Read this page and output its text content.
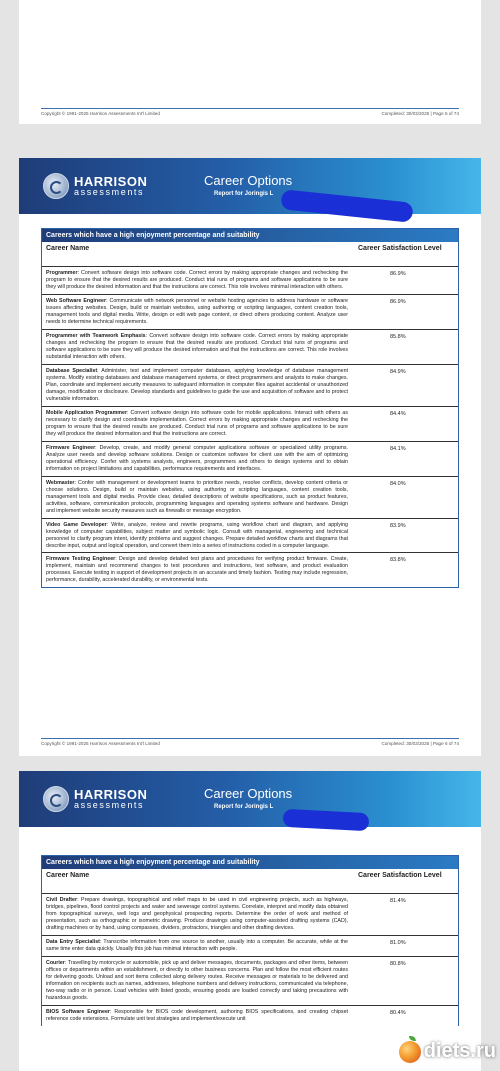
Copyright © 1991-2025 Harrison Assessments Int'l Limited	Completed: 30/03/2025 | Page 5 of 74
HARRISON
assessments
Career Options
Report for Joringis L
Careers which have a high enjoyment percentage and suitability
Career Name	Career Satisfaction Level
Programmer: Convert software design into software code. Correct errors by making appropriate changes and rechecking the program to ensure that the desired results are produced. Conduct trial runs of programs and software applications to be sure they will produce the desired information and that the instructions are correct. This role involves minimal interaction with others.
86.9%
Web Software Engineer: Communicate with network personnel or website hosting agencies to address hardware or software issues affecting websites. Design, build or maintain websites, using authoring or scripting languages, content creation tools, management tools and digital media. Write, design or edit web page content, or direct others producing content. Analyze user needs to determine technical requirements.
86.9%
Programmer with Teamwork Emphasis: Convert software design into software code. Correct errors by making appropriate changes and rechecking the program to ensure that the desired results are produced. Conduct trial runs of programs and software applications to be sure they will produce the desired information and that the instructions are correct. This role involves substantial interaction with others.
85.8%
Database Specialist: Administer, test and implement computer databases, applying knowledge of database management systems. Modify existing databases and database management systems, or direct programmers and analysts to make changes. Plan, coordinate and implement security measures to safeguard information in computer files against accidental or unauthorized damage, modification or disclosure. Develop standards and guidelines to guide the use and acquisition of software and to protect vulnerable information.
84.9%
Mobile Application Programmer: Convert software design into software code for mobile applications. Interact with others as necessary to clarify design and coordinate implementation. Correct errors by making appropriate changes and rechecking the program to ensure that the desired results are produced. Conduct trial runs of programs and software applications to be sure they will produce the desired information and that the instructions are correct.
84.4%
Firmware Engineer: Develop, create, and modify general computer applications software or specialized utility programs. Analyze user needs and develop software solutions. Design or customize software for client use with the aim of optimizing operational efficiency. Confer with systems analysts, engineers, programmers and others to design systems and to obtain information on project limitations and capabilities, performance requirements and interfaces.
84.1%
Webmaster: Confer with management or development teams to prioritize needs, resolve conflicts, develop content criteria or choose solutions. Design, build or maintain websites, using authoring or scripting languages, content creation tools, management tools and digital media. Provide clear, detailed descriptions of website specifications, such as product features, activities, software, communication protocols, programming languages and operating systems software and hardware. Design and implement website security measures such as firewalls or message encryption.
84.0%
Video Game Developer: Write, analyze, review and rewrite programs, using workflow chart and diagram, and applying knowledge of computer capabilities, subject matter and symbolic logic. Consult with managerial, engineering and technical personnel to clarify program intent, identify problems and suggest changes. Prepare detailed workflow charts and diagrams that describe input, output and logical operation, and convert them into a series of instructions coded in a computer language.
83.9%
Firmware Testing Engineer: Design and develop detailed test plans and procedures for verifying product firmware. Create, implement, maintain and recommend changes to test procedures and instructions, test software, and product evaluation processes. Execute testing in support of development projects in an accurate and timely fashion. Testing may include regression, performance, durability, accelerated durability, or environmental tests.
83.8%
Copyright © 1991-2025 Harrison Assessments Int'l Limited	Completed: 30/03/2025 | Page 6 of 74
HARRISON
assessments
Career Options
Report for Joringis L
Careers which have a high enjoyment percentage and suitability
Career Name	Career Satisfaction Level
Civil Drafter: Prepare drawings, topographical and relief maps to be used in civil engineering projects, such as highways, bridges, pipelines, flood control projects and water and sewerage control systems. Correlate, interpret and modify data obtained from topographical surveys, well logs and geophysical prospecting reports. Determine the order of work and method of presentation, such as orthographic or isometric drawing. Produce drawings using computer-assisted drafting systems (CAD), drafting machines or by hand, using compasses, dividers, protractors, triangles and other drafting devices.
81.4%
Data Entry Specialist: Transcribe information from one source to another, usually into a computer. Be accurate, while at the same time enter data quickly. Usually this job has minimal interaction with people.
81.0%
Courier: Travelling by motorcycle or automobile, pick up and deliver messages, documents, packages and other items, between offices or departments within an establishment, or directly to other business concerns. Plan and follow the most efficient routes for delivering goods. Unload and sort items collected along delivery routes. Receive messages or materials to be delivered and information on recipients such as names, addresses, telephone numbers and delivery instructions, communicated via telephone, two-way radio or in person. Load vehicles with listed goods, ensuring goods are loaded correctly and taking precautions with hazardous goods.
80.8%
BIOS Software Engineer: Responsible for BIOS code development, authoring BIOS specifications, and creating chipset reference code extensions. Formulate unit test strategies and implement/execute unit
80.4%
diets.ru
